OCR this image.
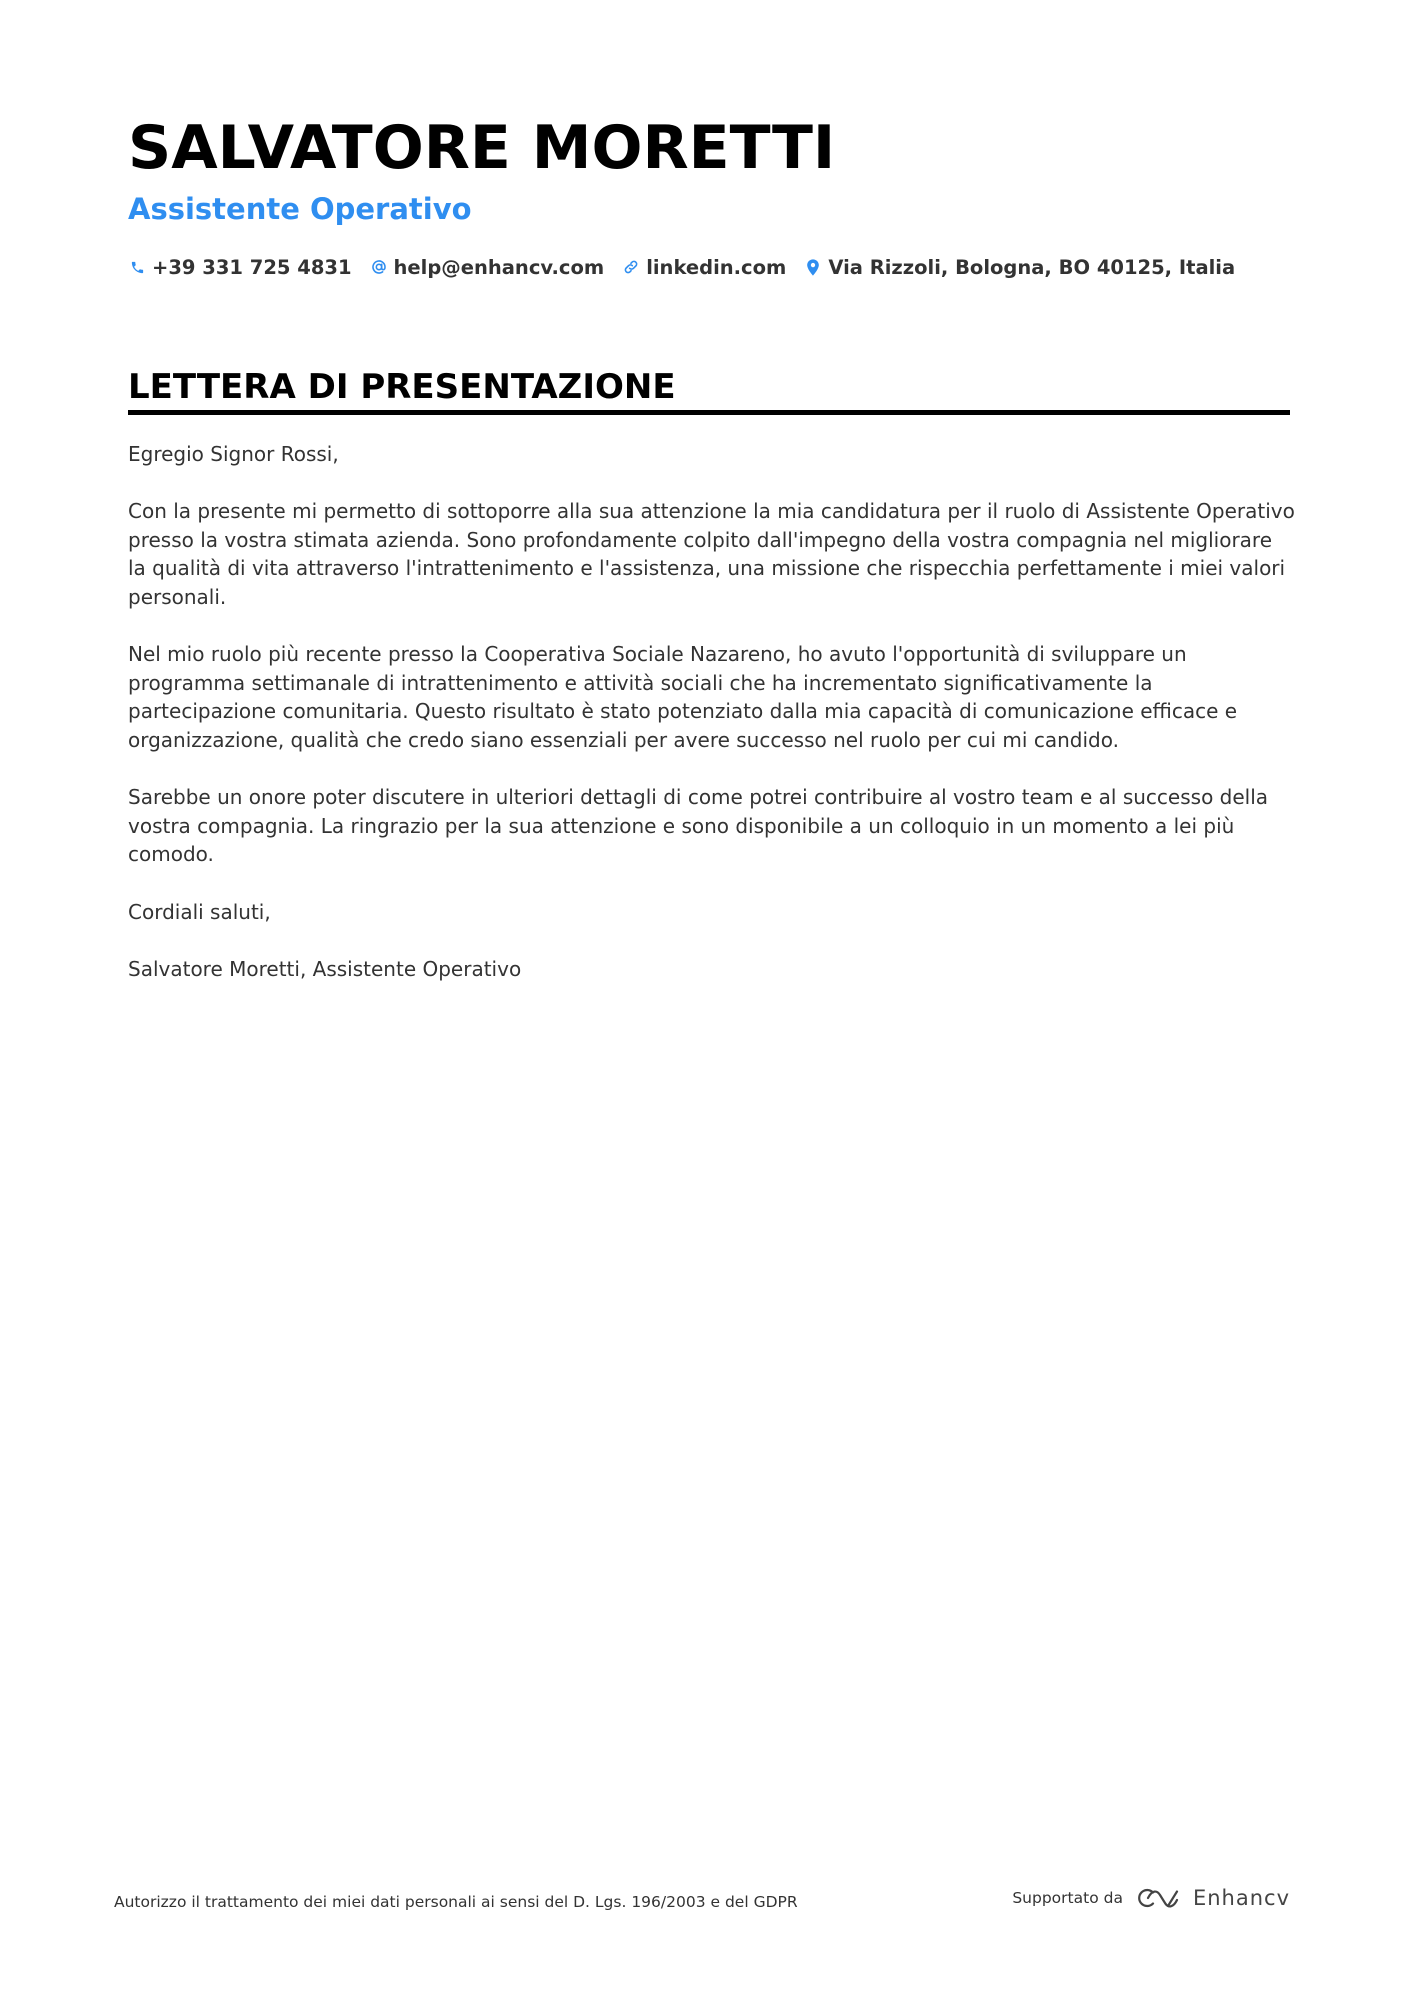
SALVATORE MORETTI
Assistente Operativo
+39 331 725 4831 help@enhancv.com linkedin.com Via Rizzoli, Bologna, BO 40125, Italia
LETTERA DI PRESENTAZIONE

Egregio Signor Rossi,

Con la presente mi permetto di sottoporre alla sua attenzione la mia candidatura per il ruolo di Assistente Operativo presso la vostra stimata azienda. Sono profondamente colpito dall'impegno della vostra compagnia nel migliorare la qualità di vita attraverso l'intrattenimento e l'assistenza, una missione che rispecchia perfettamente i miei valori personali.

Nel mio ruolo più recente presso la Cooperativa Sociale Nazareno, ho avuto l'opportunità di sviluppare un programma settimanale di intrattenimento e attività sociali che ha incrementato significativamente la partecipazione comunitaria. Questo risultato è stato potenziato dalla mia capacità di comunicazione efficace e organizzazione, qualità che credo siano essenziali per avere successo nel ruolo per cui mi candido.

Sarebbe un onore poter discutere in ulteriori dettagli di come potrei contribuire al vostro team e al successo della vostra compagnia. La ringrazio per la sua attenzione e sono disponibile a un colloquio in un momento a lei più comodo.

Cordiali saluti,

Salvatore Moretti, Assistente Operativo

Autorizzo il trattamento dei miei dati personali ai sensi del D. Lgs. 196/2003 e del GDPR	Supportato da	Enhancv
